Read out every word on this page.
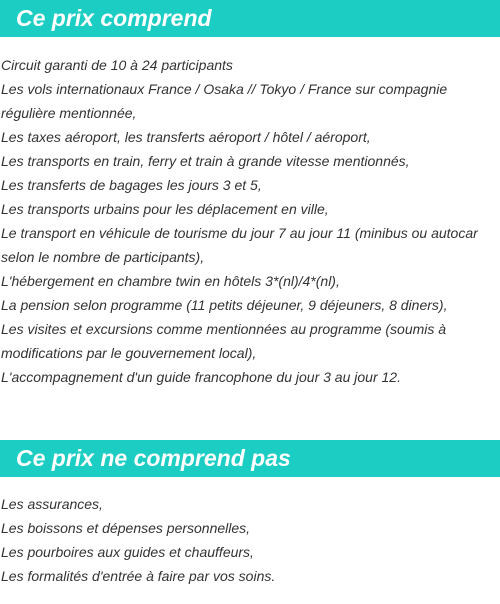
Ce prix comprend
Circuit garanti de 10 à 24 participants
Les vols internationaux France / Osaka // Tokyo / France sur compagnie régulière mentionnée,
Les taxes aéroport, les transferts aéroport / hôtel / aéroport,
Les transports en train, ferry et train à grande vitesse mentionnés,
Les transferts de bagages les jours 3 et 5,
Les transports urbains pour les déplacement en ville,
Le transport en véhicule de tourisme du jour 7 au jour 11 (minibus ou autocar selon le nombre de participants),
L'hébergement en chambre twin en hôtels 3*(nl)/4*(nl),
La pension selon programme (11 petits déjeuner, 9 déjeuners, 8 diners),
Les visites et excursions comme mentionnées au programme (soumis à modifications par le gouvernement local),
L'accompagnement d'un guide francophone du jour 3 au jour 12.
Ce prix ne comprend pas
Les assurances,
Les boissons et dépenses personnelles,
Les pourboires aux guides et chauffeurs,
Les formalités d'entrée à faire par vos soins.
